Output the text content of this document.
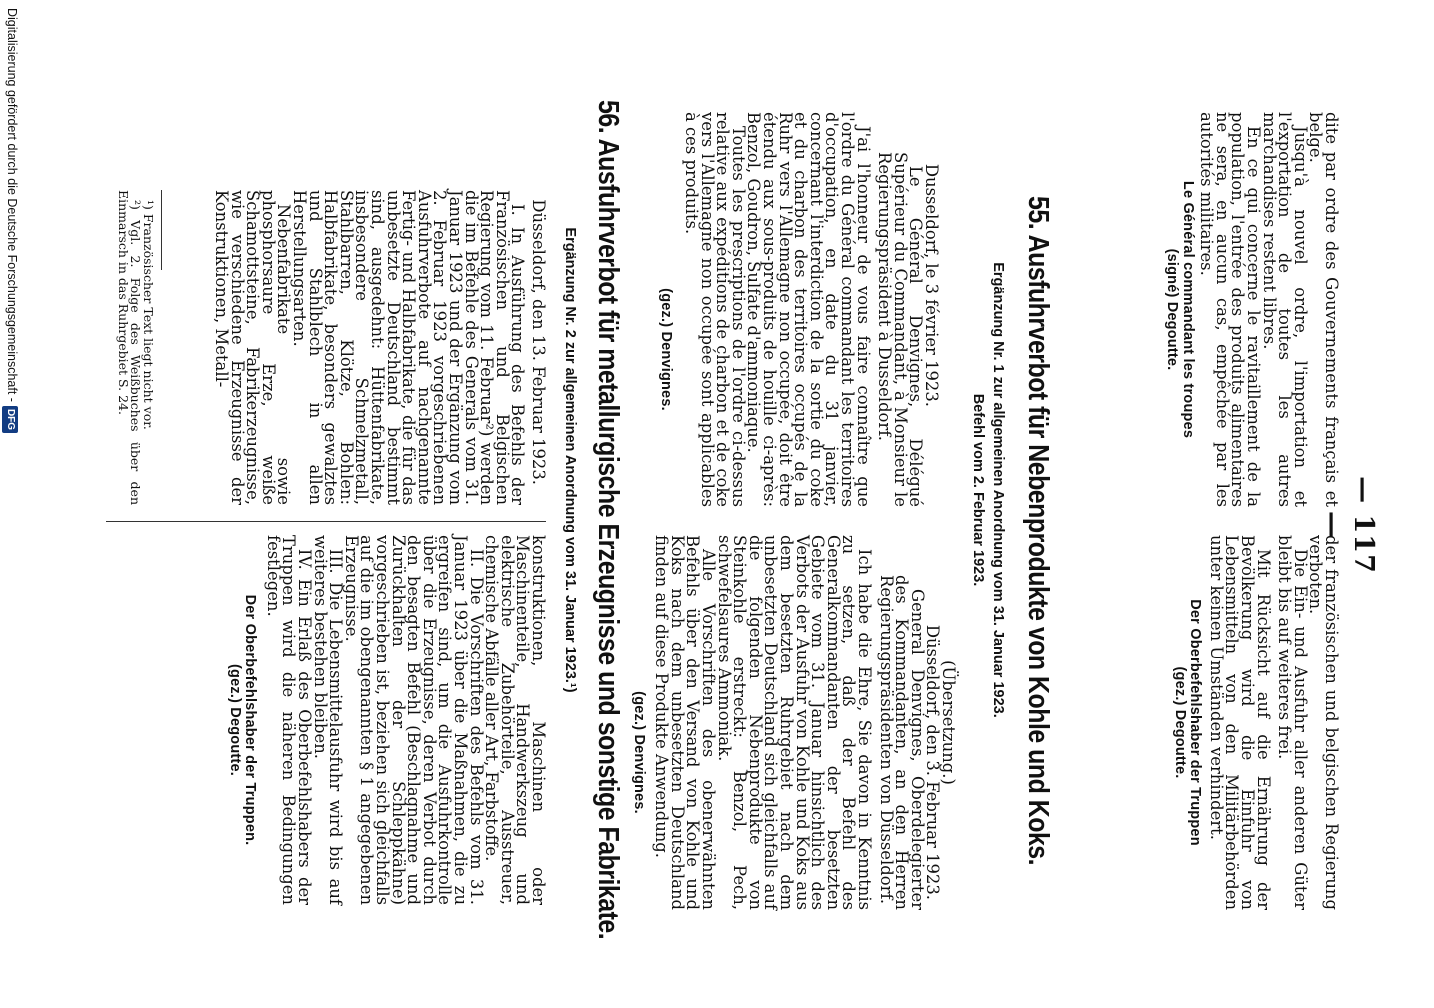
— 117 —

dite par ordre des Gouvernements français et belge.

Jusqu'à nouvel ordre, l'importation et l'exportation de toutes les autres marchandises restent libres.

En ce qui concerne le ravitaillement de la population, l'entrée des produits alimentaires ne sera, en aucun cas, empêchée par les autorités militaires.

Le Général commandant les troupes

(signé) Degoutte.

der französischen und belgischen Regierung verboten.

Die Ein- und Ausfuhr aller anderen Güter bleibt bis auf weiteres frei.

Mit Rücksicht auf die Ernährung der Bevölkerung wird die Einfuhr von Lebensmitteln von den Militärbehörden unter keinen Umständen verhindert.

Der Oberbefehlshaber der Truppen

(gez.) Degoutte.

55. Ausfuhrverbot für Nebenprodukte von Kohle und Koks.
Ergänzung Nr. 1 zur allgemeinen Anordnung vom 31. Januar 1923.
Befehl vom 2. Februar 1923.

Dusseldorf, le 3 février 1923.

Le Général Denvignes, Délégué Supérieur du Commandant, à Monsieur le Regierungspräsident à Dusseldorf.

J'ai l'honneur de vous faire connaître que l'ordre du Général commandant les territoires d'occupation, en date du 31 janvier, concernant l'interdiction de la sortie du coke et du charbon des territoires occupés de la Ruhr vers l'Allemagne non occupée, doit être étendu aux sous-produits de houille ci-après: Benzol, Goudron, Sulfate d'ammoniaque.

Toutes les prescriptions de l'ordre ci-dessus relative aux expéditions de charbon et de coke vers l'Allemagne non occupée sont applicables à ces produits.

(gez.) Denvignes.

(Übersetzung.)

Düsseldorf, den 3. Februar 1923.

General Denvignes, Oberdelegierter des Kommandanten, an den Herren Regierungspräsidenten von Düsseldorf.

Ich habe die Ehre, Sie davon in Kenntnis zu setzen, daß der Befehl des Generalkommandanten der besetzten Gebiete vom 31. Januar hinsichtlich des Verbots der Ausfuhr von Kohle und Koks aus dem besetzten Ruhrgebiet nach dem unbesetzten Deutschland sich gleichfalls auf die folgenden Nebenprodukte von Steinkohle erstreckt: Benzol, Pech, schwefelsaures Ammoniak.

Alle Vorschriften des obenerwähnten Befehls über den Versand von Kohle und Koks nach dem unbesetzten Deutschland finden auf diese Produkte Anwendung.

(gez.) Denvignes.

56. Ausfuhrverbot für metallurgische Erzeugnisse und sonstige Fabrikate.
Ergänzung Nr. 2 zur allgemeinen Anordnung vom 31. Januar 1923.¹)

Düsseldorf, den 13. Februar 1923.

I. In Ausführung des Befehls der Französischen und Belgischen Regierung vom 11. Februar²) werden die im Befehle des Generals vom 31. Januar 1923 und der Ergänzung vom 2. Februar 1923 vorgeschriebenen Ausfuhrverbote auf nachgenannte Fertig- und Halbfabrikate, die für das unbesetzte Deutschland bestimmt sind, ausgedehnt: Hüttenfabrikate, insbesondere Schmelzmetall, Stahlbarren, Klötze, Bohlen: Halbfabrikate, besonders gewalztes und Stahlblech in allen Herstellungsarten.

Nebenfabrikate sowie phosphorsaure Erze, weiße Schamottsteine, Fabrikerzeugnisse, wie verschiedene Erzeugnisse der Konstruktionen, Metall-

¹) Französischer Text liegt nicht vor.

²) Vgl. 2. Folge des Weißbuches über den Einmarsch in das Ruhrgebiet S. 24.

konstruktionen, Maschinen oder Maschinenteile, Handwerkszeug und elektrische Zubehörteile, Ausstreuer, chemische Abfälle aller Art, Farbstoffe.

II. Die Vorschriften des Befehls vom 31. Januar 1923 über die Maßnahmen, die zu ergreifen sind, um die Ausfuhrkontrolle über die Erzeugnisse, deren Verbot durch den besagten Befehl (Beschlagnahme und Zurückhalten der Schleppkähne) vorgeschrieben ist, beziehen sich gleichfalls auf die im obengenannten § 1 angegebenen Erzeugnisse.

III. Die Lebensmittelausfuhr wird bis auf weiteres bestehen bleiben.

IV. Ein Erlaß des Oberbefehlshabers der Truppen wird die näheren Bedingungen festlegen.

Der Oberbefehlshaber der Truppen.

(gez.) Degoutte.

Digitalisierung gefördert durch die Deutsche Forschungsgemeinschaft -DFG
